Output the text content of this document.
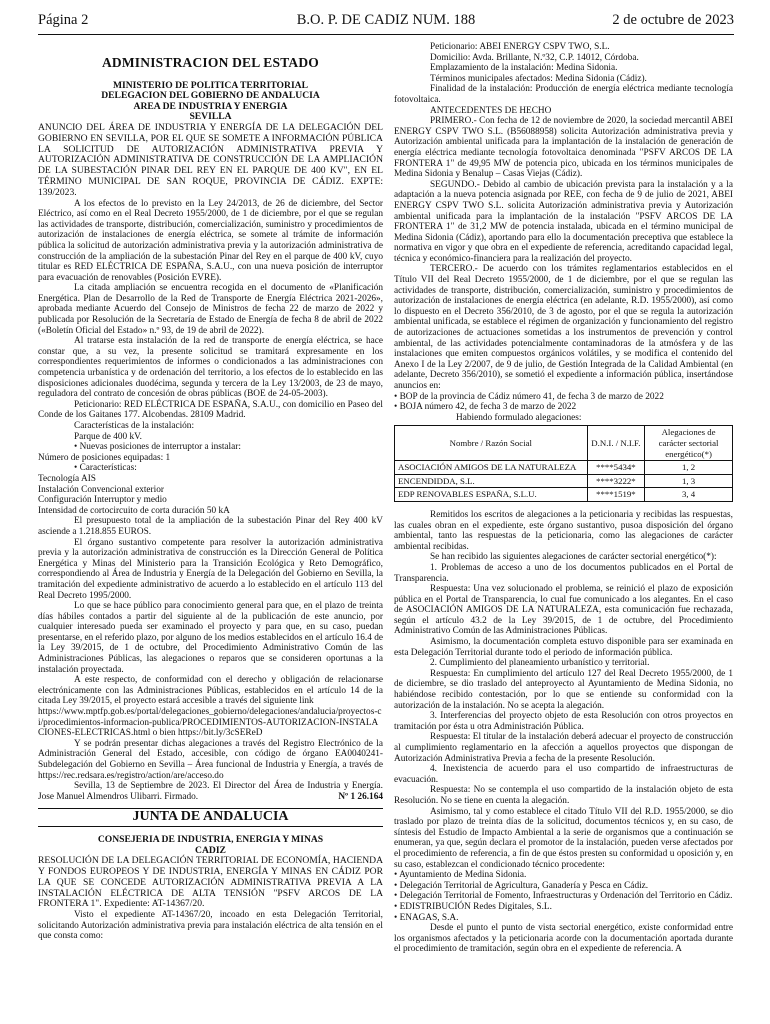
Página 2	B.O. P. DE CADIZ NUM. 188	2 de octubre de 2023
ADMINISTRACION DEL ESTADO
MINISTERIO DE POLITICA TERRITORIAL
DELEGACION DEL GOBIERNO DE ANDALUCIA
AREA DE INDUSTRIA Y ENERGIA
SEVILLA

ANUNCIO DEL ÁREA DE INDUSTRIA Y ENERGÍA DE LA DELEGACIÓN DEL GOBIERNO EN SEVILLA, POR EL QUE SE SOMETE A INFORMACIÓN PÚBLICA LA SOLICITUD DE AUTORIZACIÓN ADMINISTRATIVA PREVIA Y AUTORIZACIÓN ADMINISTRATIVA DE CONSTRUCCIÓN DE LA AMPLIACIÓN DE LA SUBESTACIÓN PINAR DEL REY EN EL PARQUE DE 400 KV", EN EL TÉRMINO MUNICIPAL DE SAN ROQUE, PROVINCIA DE CÁDIZ. EXPTE: 139/2023.

A los efectos de lo previsto en la Ley 24/2013, de 26 de diciembre, del Sector Eléctrico, así como en el Real Decreto 1955/2000, de 1 de diciembre, por el que se regulan las actividades de transporte, distribución, comercialización, suministro y procedimientos de autorización de instalaciones de energía eléctrica, se somete al trámite de información pública la solicitud de autorización administrativa previa y la autorización administrativa de construcción de la ampliación de la subestación Pinar del Rey en el parque de 400 kV, cuyo titular es RED ELÉCTRICA DE ESPAÑA, S.A.U., con una nueva posición de interruptor para evacuación de renovables (Posición EVRE).

La citada ampliación se encuentra recogida en el documento de «Planificación Energética. Plan de Desarrollo de la Red de Transporte de Energía Eléctrica 2021-2026», aprobada mediante Acuerdo del Consejo de Ministros de fecha 22 de marzo de 2022 y publicada por Resolución de la Secretaría de Estado de Energía de fecha 8 de abril de 2022 («Boletín Oficial del Estado» n.º 93, de 19 de abril de 2022).

Al tratarse esta instalación de la red de transporte de energía eléctrica, se hace constar que, a su vez, la presente solicitud se tramitará expresamente en los correspondientes requerimientos de informes o condicionados a las administraciones con competencia urbanística y de ordenación del territorio, a los efectos de lo establecido en las disposiciones adicionales duodécima, segunda y tercera de la Ley 13/2003, de 23 de mayo, reguladora del contrato de concesión de obras públicas (BOE de 24-05-2003).

Peticionario: RED ELÉCTRICA DE ESPAÑA, S.A.U., con domicilio en Paseo del Conde de los Gaitanes 177. Alcobendas. 28109 Madrid.

Características de la instalación:

Parque de 400 kV.

• Nuevas posiciones de interruptor a instalar:

Número de posiciones equipadas: 1

• Características:

Tecnología AIS

Instalación Convencional exterior

Configuración Interruptor y medio

Intensidad de cortocircuito de corta duración 50 kA

El presupuesto total de la ampliación de la subestación Pinar del Rey 400 kV asciende a 1.218.855 EUROS.

El órgano sustantivo competente para resolver la autorización administrativa previa y la autorización administrativa de construcción es la Dirección General de Política Energética y Minas del Ministerio para la Transición Ecológica y Reto Demográfico, correspondiendo al Área de Industria y Energía de la Delegación del Gobierno en Sevilla, la tramitación del expediente administrativo de acuerdo a lo establecido en el artículo 113 del Real Decreto 1995/2000.

Lo que se hace público para conocimiento general para que, en el plazo de treinta días hábiles contados a partir del siguiente al de la publicación de este anuncio, por cualquier interesado pueda ser examinado el proyecto y para que, en su caso, puedan presentarse, en el referido plazo, por alguno de los medios establecidos en el artículo 16.4 de la Ley 39/2015, de 1 de octubre, del Procedimiento Administrativo Común de las Administraciones Públicas, las alegaciones o reparos que se consideren oportunas a la instalación proyectada.

A este respecto, de conformidad con el derecho y obligación de relacionarse electrónicamente con las Administraciones Públicas, establecidos en el artículo 14 de la citada Ley 39/2015, el proyecto estará accesible a través del siguiente link

https://www.mptfp.gob.es/portal/delegaciones_gobierno/delegaciones/andalucia/proyectos-ci/procedimientos-informacion-publica/PROCEDIMIENTOS-AUTORIZACION-INSTALACIONES-ELECTRICAS.html o bien https://bit.ly/3cSEReD

Y se podrán presentar dichas alegaciones a través del Registro Electrónico de la Administración General del Estado, accesible, con código de órgano EA0040241-Subdelegación del Gobierno en Sevilla – Área funcional de Industria y Energía, a través de https://rec.redsara.es/registro/action/are/acceso.do

Sevilla, 13 de Septiembre de 2023. El Director del Área de Industria y Energía. Jose Manuel Almendros Ulibarri. Firmado.	Nº 1 26.164

JUNTA DE ANDALUCIA
CONSEJERIA DE INDUSTRIA, ENERGIA Y MINAS
CADIZ

RESOLUCIÓN DE LA DELEGACIÓN TERRITORIAL DE ECONOMÍA, HACIENDA Y FONDOS EUROPEOS Y DE INDUSTRIA, ENERGÍA Y MINAS EN CÁDIZ POR LA QUE SE CONCEDE AUTORIZACIÓN ADMINISTRATIVA PREVIA A LA INSTALACIÓN ELÉCTRICA DE ALTA TENSIÓN "PSFV ARCOS DE LA FRONTERA 1". Expediente: AT-14367/20.

Visto el expediente AT-14367/20, incoado en esta Delegación Territorial, solicitando Autorización administrativa previa para instalación eléctrica de alta tensión en el que consta como:

Peticionario: ABEI ENERGY CSPV TWO, S.L.

Domicilio: Avda. Brillante, N.º32, C.P. 14012, Córdoba.

Emplazamiento de la instalación: Medina Sidonia.

Términos municipales afectados: Medina Sidonia (Cádiz).

Finalidad de la instalación: Producción de energía eléctrica mediante tecnología fotovoltaica.

ANTECEDENTES DE HECHO

PRIMERO.- Con fecha de 12 de noviembre de 2020, la sociedad mercantil ABEI ENERGY CSPV TWO S.L. (B56088958) solicita Autorización administrativa previa y Autorización ambiental unificada para la implantación de la instalación de generación de energía eléctrica mediante tecnología fotovoltaica denominada "PSFV ARCOS DE LA FRONTERA 1" de 49,95 MW de potencia pico, ubicada en los términos municipales de Medina Sidonia y Benalup – Casas Viejas (Cádiz).

SEGUNDO.- Debido al cambio de ubicación prevista para la instalación y a la adaptación a la nueva potencia asignada por REE, con fecha de 9 de julio de 2021, ABEI ENERGY CSPV TWO S.L. solicita Autorización administrativa previa y Autorización ambiental unificada para la implantación de la instalación "PSFV ARCOS DE LA FRONTERA 1" de 31,2 MW de potencia instalada, ubicada en el término municipal de Medina Sidonia (Cádiz), aportando para ello la documentación preceptiva que establece la normativa en vigor y que obra en el expediente de referencia, acreditando capacidad legal, técnica y económico-financiera para la realización del proyecto.

TERCERO.- De acuerdo con los trámites reglamentarios establecidos en el Título VII del Real Decreto 1955/2000, de 1 de diciembre, por el que se regulan las actividades de transporte, distribución, comercialización, suministro y procedimientos de autorización de instalaciones de energía eléctrica (en adelante, R.D. 1955/2000), así como lo dispuesto en el Decreto 356/2010, de 3 de agosto, por el que se regula la autorización ambiental unificada, se establece el régimen de organización y funcionamiento del registro de autorizaciones de actuaciones sometidas a los instrumentos de prevención y control ambiental, de las actividades potencialmente contaminadoras de la atmósfera y de las instalaciones que emiten compuestos orgánicos volátiles, y se modifica el contenido del Anexo I de la Ley 2/2007, de 9 de julio, de Gestión Integrada de la Calidad Ambiental (en adelante, Decreto 356/2010), se sometió el expediente a información pública, insertándose anuncios en:

• BOP de la provincia de Cádiz número 41, de fecha 3 de marzo de 2022

• BOJA número 42, de fecha 3 de marzo de 2022

Habiendo formulado alegaciones:

Nombre / Razón Social	D.N.I. / N.I.F.	Alegaciones de carácter sectorial energético(*)
ASOCIACIÓN AMIGOS DE LA NATURALEZA	****5434*	1, 2
ENCENDIDDA, S.L.	****3222*	1, 3
EDP RENOVABLES ESPAÑA, S.L.U.	****1519*	3, 4

Remitidos los escritos de alegaciones a la peticionaria y recibidas las respuestas, las cuales obran en el expediente, este órgano sustantivo, pusoa disposición del órgano ambiental, tanto las respuestas de la peticionaria, como las alegaciones de carácter ambiental recibidas.

Se han recibido las siguientes alegaciones de carácter sectorial energético(*):

1. Problemas de acceso a uno de los documentos publicados en el Portal de Transparencia.

Respuesta: Una vez solucionado el problema, se reinició el plazo de exposición pública en el Portal de Transparencia, lo cual fue comunicado a los alegantes. En el caso de ASOCIACIÓN AMIGOS DE LA NATURALEZA, esta comunicación fue rechazada, según el artículo 43.2 de la Ley 39/2015, de 1 de octubre, del Procedimiento Administrativo Común de las Administraciones Públicas.

Asimismo, la documentación completa estuvo disponible para ser examinada en esta Delegación Territorial durante todo el periodo de información pública.

2. Cumplimiento del planeamiento urbanístico y territorial.

Respuesta: En cumplimiento del artículo 127 del Real Decreto 1955/2000, de 1 de diciembre, se dio traslado del anteproyecto al Ayuntamiento de Medina Sidonia, no habiéndose recibido contestación, por lo que se entiende su conformidad con la autorización de la instalación. No se acepta la alegación.

3. Interferencias del proyecto objeto de esta Resolución con otros proyectos en tramitación por ésta u otra Administración Pública.

Respuesta: El titular de la instalación deberá adecuar el proyecto de construcción al cumplimiento reglamentario en la afección a aquellos proyectos que dispongan de Autorización Administrativa Previa a fecha de la presente Resolución.

4. Inexistencia de acuerdo para el uso compartido de infraestructuras de evacuación.

Respuesta: No se contempla el uso compartido de la instalación objeto de esta Resolución. No se tiene en cuenta la alegación.

Asimismo, tal y como establece el citado Título VII del R.D. 1955/2000, se dio traslado por plazo de treinta días de la solicitud, documentos técnicos y, en su caso, de síntesis del Estudio de Impacto Ambiental a la serie de organismos que a continuación se enumeran, ya que, según declara el promotor de la instalación, pueden verse afectados por el procedimiento de referencia, a fin de que éstos presten su conformidad u oposición y, en su caso, establezcan el condicionado técnico procedente:

• Ayuntamiento de Medina Sidonia.

• Delegación Territorial de Agricultura, Ganadería y Pesca en Cádiz.

• Delegación Territorial de Fomento, Infraestructuras y Ordenación del Territorio en Cádiz.

• EDISTRIBUCIÓN Redes Digitales, S.L.

• ENAGAS, S.A.

Desde el punto el punto de vista sectorial energético, existe conformidad entre los organismos afectados y la peticionaria acorde con la documentación aportada durante el procedimiento de tramitación, según obra en el expediente de referencia. A
